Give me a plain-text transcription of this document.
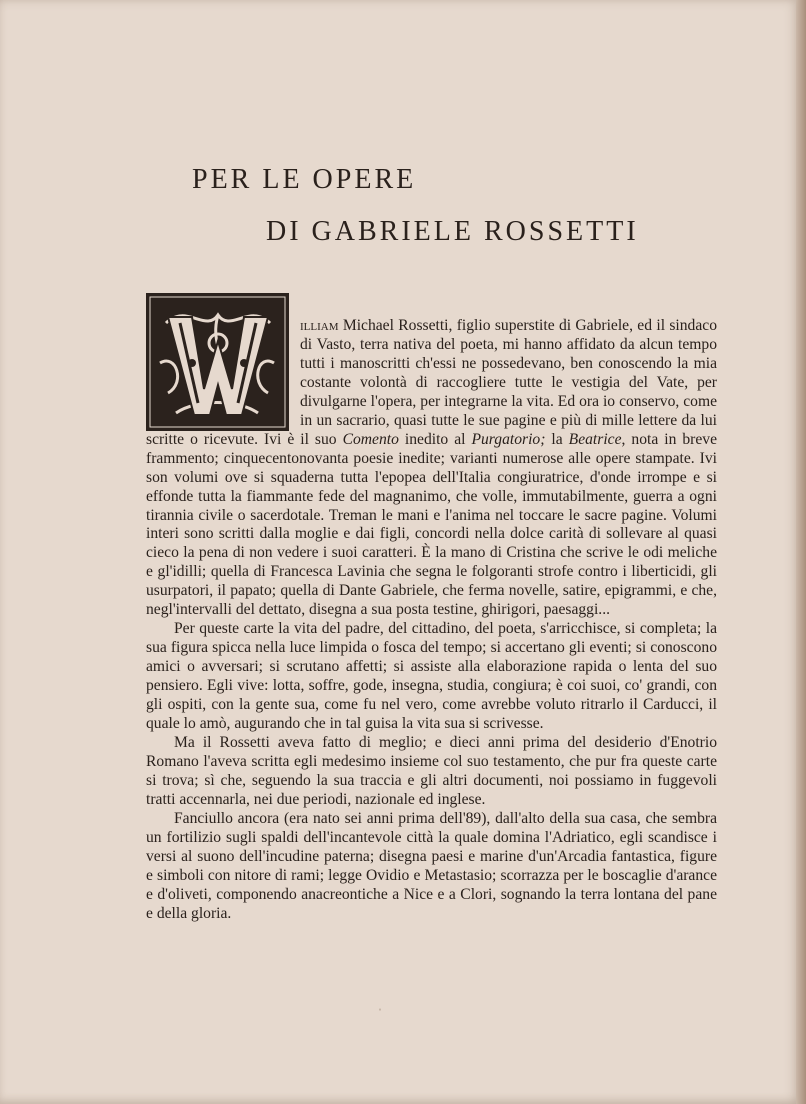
PER LE OPERE
DI GABRIELE ROSSETTI

illiam Michael Rossetti, figlio superstite di Gabriele, ed il sindaco di Vasto, terra nativa del poeta, mi hanno affidato da alcun tempo tutti i manoscritti ch'essi ne possedevano, ben conoscendo la mia costante volontà di raccogliere tutte le vestigia del Vate, per divulgarne l'opera, per integrarne la vita. Ed ora io conservo, come in un sacrario, quasi tutte le sue pagine e più di mille lettere da lui scritte o ricevute. Ivi è il suo Comento inedito al Purgatorio; la Beatrice, nota in breve frammento; cinquecentonovanta poesie inedite; varianti numerose alle opere stampate. Ivi son volumi ove si squaderna tutta l'epopea dell'Italia congiuratrice, d'onde irrompe e si effonde tutta la fiammante fede del magnanimo, che volle, immutabilmente, guerra a ogni tirannia civile o sacerdotale. Treman le mani e l'anima nel toccare le sacre pagine. Volumi interi sono scritti dalla moglie e dai figli, concordi nella dolce carità di sollevare al quasi cieco la pena di non vedere i suoi caratteri. È la mano di Cristina che scrive le odi meliche e gl'idilli; quella di Francesca Lavinia che segna le folgoranti strofe contro i liberticidi, gli usurpatori, il papato; quella di Dante Gabriele, che ferma novelle, satire, epigrammi, e che, negl'intervalli del dettato, disegna a sua posta testine, ghirigori, paesaggi...

Per queste carte la vita del padre, del cittadino, del poeta, s'arricchisce, si completa; la sua figura spicca nella luce limpida o fosca del tempo; si accertano gli eventi; si conoscono amici o avversari; si scrutano affetti; si assiste alla elaborazione rapida o lenta del suo pensiero. Egli vive: lotta, soffre, gode, insegna, studia, congiura; è coi suoi, co' grandi, con gli ospiti, con la gente sua, come fu nel vero, come avrebbe voluto ritrarlo il Carducci, il quale lo amò, augurando che in tal guisa la vita sua si scrivesse.

Ma il Rossetti aveva fatto di meglio; e dieci anni prima del desiderio d'Enotrio Romano l'aveva scritta egli medesimo insieme col suo testamento, che pur fra queste carte si trova; sì che, seguendo la sua traccia e gli altri documenti, noi possiamo in fuggevoli tratti accennarla, nei due periodi, nazionale ed inglese.

Fanciullo ancora (era nato sei anni prima dell'89), dall'alto della sua casa, che sembra un fortilizio sugli spaldi dell'incantevole città la quale domina l'Adriatico, egli scandisce i versi al suono dell'incudine paterna; disegna paesi e marine d'un'Arcadia fantastica, figure e simboli con nitore di rami; legge Ovidio e Metastasio; scorrazza per le boscaglie d'arance e d'oliveti, componendo anacreontiche a Nice e a Clori, sognando la terra lontana del pane e della gloria.

ˈ
